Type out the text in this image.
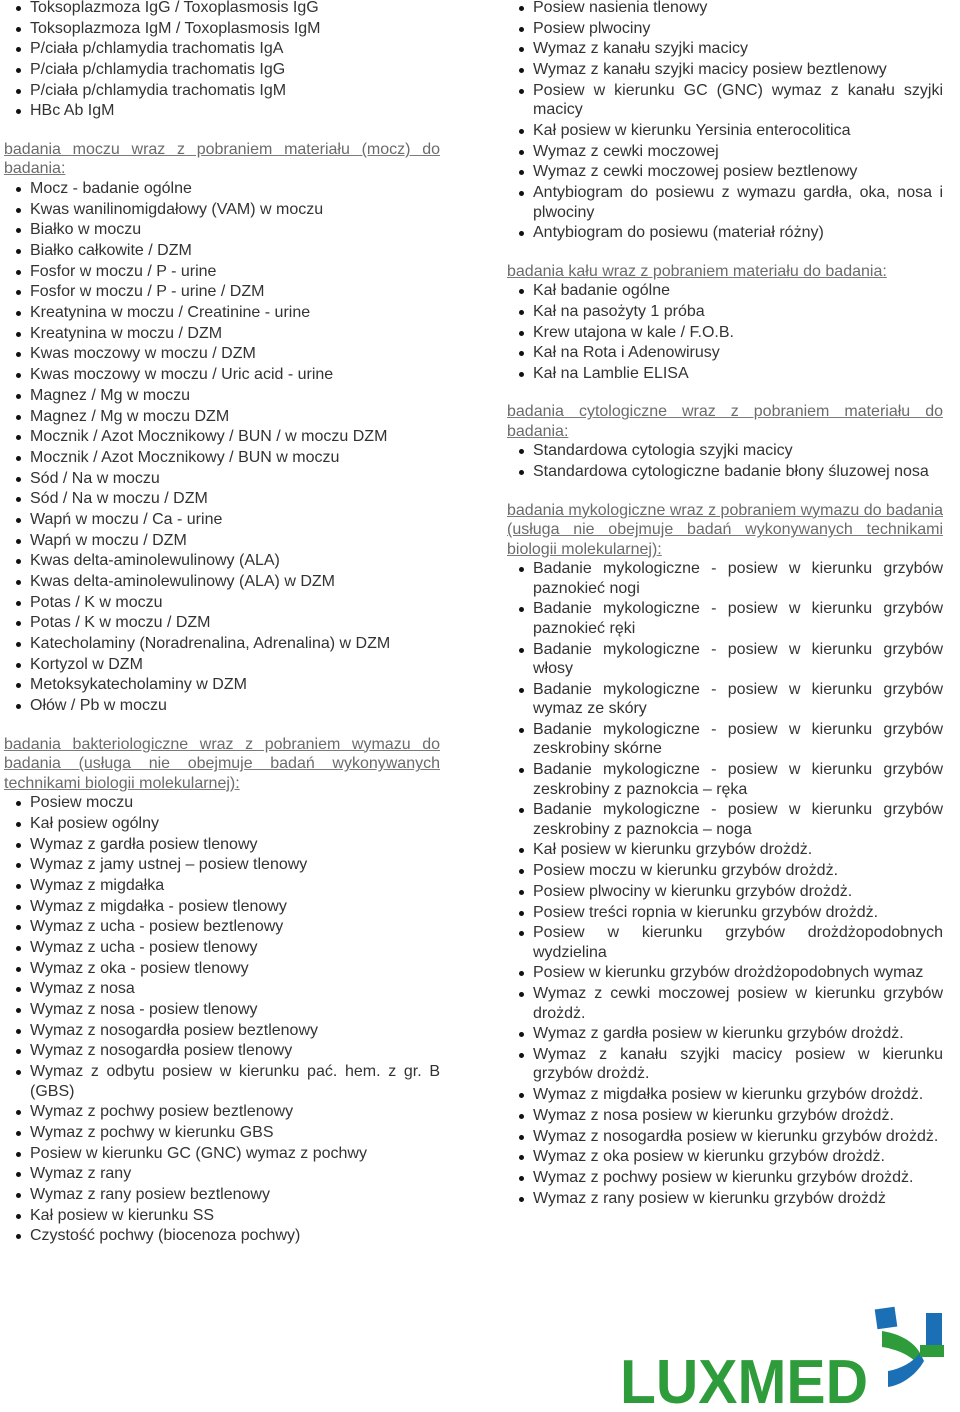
Toksoplazmoza IgG / Toxoplasmosis IgG
Toksoplazmoza IgM / Toxoplasmosis IgM
P/ciała p/chlamydia trachomatis IgA
P/ciała p/chlamydia trachomatis IgG
P/ciała p/chlamydia trachomatis IgM
HBc Ab IgM
badania moczu wraz z pobraniem materiału (mocz) do badania:
Mocz - badanie ogólne
Kwas wanilinomigdałowy (VAM) w moczu
Białko w moczu
Białko całkowite / DZM
Fosfor w moczu / P - urine
Fosfor w moczu / P - urine / DZM
Kreatynina w moczu / Creatinine - urine
Kreatynina w moczu / DZM
Kwas moczowy w moczu / DZM
Kwas moczowy w moczu / Uric acid - urine
Magnez / Mg w moczu
Magnez / Mg w moczu DZM
Mocznik / Azot Mocznikowy / BUN / w moczu DZM
Mocznik / Azot Mocznikowy / BUN w moczu
Sód / Na w moczu
Sód / Na w moczu / DZM
Wapń w moczu / Ca - urine
Wapń w moczu / DZM
Kwas delta-aminolewulinowy (ALA)
Kwas delta-aminolewulinowy (ALA) w DZM
Potas / K w moczu
Potas / K w moczu / DZM
Katecholaminy (Noradrenalina, Adrenalina) w DZM
Kortyzol w DZM
Metoksykatecholaminy w DZM
Ołów / Pb w moczu
badania bakteriologiczne wraz z pobraniem wymazu do badania (usługa nie obejmuje badań wykonywanych technikami biologii molekularnej):
Posiew moczu
Kał posiew ogólny
Wymaz z gardła posiew tlenowy
Wymaz z jamy ustnej – posiew tlenowy
Wymaz z migdałka
Wymaz z migdałka - posiew tlenowy
Wymaz z ucha - posiew beztlenowy
Wymaz z ucha - posiew tlenowy
Wymaz z oka - posiew tlenowy
Wymaz z nosa
Wymaz z nosa - posiew tlenowy
Wymaz z nosogardła posiew beztlenowy
Wymaz z nosogardła posiew tlenowy
Wymaz z odbytu posiew w kierunku pać. hem. z gr. B (GBS)
Wymaz z pochwy posiew beztlenowy
Wymaz z pochwy w kierunku GBS
Posiew w kierunku GC (GNC) wymaz z pochwy
Wymaz z rany
Wymaz z rany posiew beztlenowy
Kał posiew w kierunku SS
Czystość pochwy (biocenoza pochwy)
Posiew nasienia tlenowy
Posiew plwociny
Wymaz z kanału szyjki macicy
Wymaz z kanału szyjki macicy posiew beztlenowy
Posiew w kierunku GC (GNC) wymaz z kanału szyjki macicy
Kał posiew w kierunku Yersinia enterocolitica
Wymaz z cewki moczowej
Wymaz z cewki moczowej posiew beztlenowy
Antybiogram do posiewu z wymazu gardła, oka, nosa i plwociny
Antybiogram do posiewu (materiał różny)
badania kału wraz z pobraniem materiału do badania:
Kał badanie ogólne
Kał na pasożyty 1 próba
Krew utajona w kale / F.O.B.
Kał na Rota i Adenowirusy
Kał na Lamblie ELISA
badania cytologiczne wraz z pobraniem materiału do badania:
Standardowa cytologia szyjki macicy
Standardowa cytologiczne badanie błony śluzowej nosa
badania mykologiczne wraz z pobraniem wymazu do badania (usługa nie obejmuje badań wykonywanych technikami biologii molekularnej):
Badanie mykologiczne - posiew w kierunku grzybów paznokieć nogi
Badanie mykologiczne - posiew w kierunku grzybów paznokieć ręki
Badanie mykologiczne - posiew w kierunku grzybów włosy
Badanie mykologiczne - posiew w kierunku grzybów wymaz ze skóry
Badanie mykologiczne - posiew w kierunku grzybów zeskrobiny skórne
Badanie mykologiczne - posiew w kierunku grzybów zeskrobiny z paznokcia – ręka
Badanie mykologiczne - posiew w kierunku grzybów zeskrobiny z paznokcia – noga
Kał posiew w kierunku grzybów drożdż.
Posiew moczu w kierunku grzybów drożdż.
Posiew plwociny w kierunku grzybów drożdż.
Posiew treści ropnia w kierunku grzybów drożdż.
Posiew w kierunku grzybów drożdżopodobnych wydzielina
Posiew w kierunku grzybów drożdżopodobnych wymaz
Wymaz z cewki moczowej posiew w kierunku grzybów drożdż.
Wymaz z gardła posiew w kierunku grzybów drożdż.
Wymaz z kanału szyjki macicy posiew w kierunku grzybów drożdż.
Wymaz z migdałka posiew w kierunku grzybów drożdż.
Wymaz z nosa posiew w kierunku grzybów drożdż.
Wymaz z nosogardła posiew w kierunku grzybów drożdż.
Wymaz z oka posiew w kierunku grzybów drożdż.
Wymaz z pochwy posiew w kierunku grzybów drożdż.
Wymaz z rany posiew w kierunku grzybów drożdż
LUXMED
